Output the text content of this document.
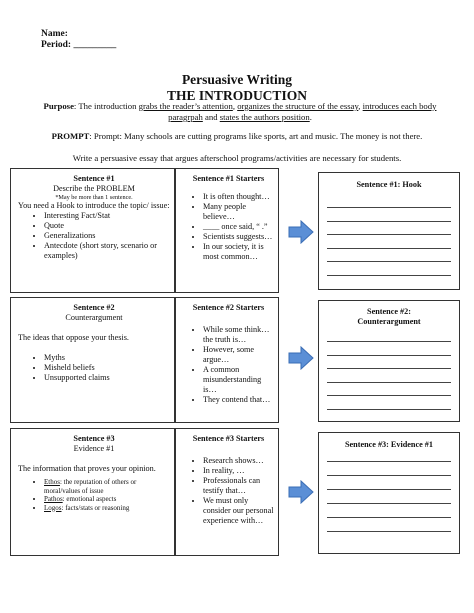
Name:
Period: _________
Persuasive Writing
THE INTRODUCTION
Purpose: The introduction grabs the reader’s attention, organizes the structure of the essay, introduces each body paragrpah and states the authors position.
PROMPT: Prompt: Many schools are cutting programs like sports, art and music. The money is not there.
Write a persuasive essay that argues afterschool programs/activities are necessary for students.
Sentence #1
Describe the PROBLEM
*May be more than 1 sentence.
You need a Hook to introduce the topic/ issue:
• Interesting Fact/Stat
• Quote
• Generalizations
• Antecdote (short story, scenario or examples)
Sentence #1 Starters
• It is often thought…
• Many people believe…
• ____ once said, “ .”
• Scientists suggests…
• In our society, it is most common…
Sentence #1: Hook
Sentence #2
Counterargument
The ideas that oppose your thesis.
• Myths
• Misheld beliefs
• Unsupported claims
Sentence #2 Starters
• While some think… the truth is…
• However, some argue…
• A common misunderstanding is…
• They contend that…
Sentence #2: Counterargument
Sentence #3
Evidence #1
The information that proves your opinion.
• Ethos: the reputation of others or moral/values of issue
• Pathos: emotional aspects
• Logos: facts/stats or reasoning
Sentence #3 Starters
• Research shows…
• In reality, …
• Professionals can testify that…
• We must only consider our personal experience with…
Sentence #3: Evidence #1
